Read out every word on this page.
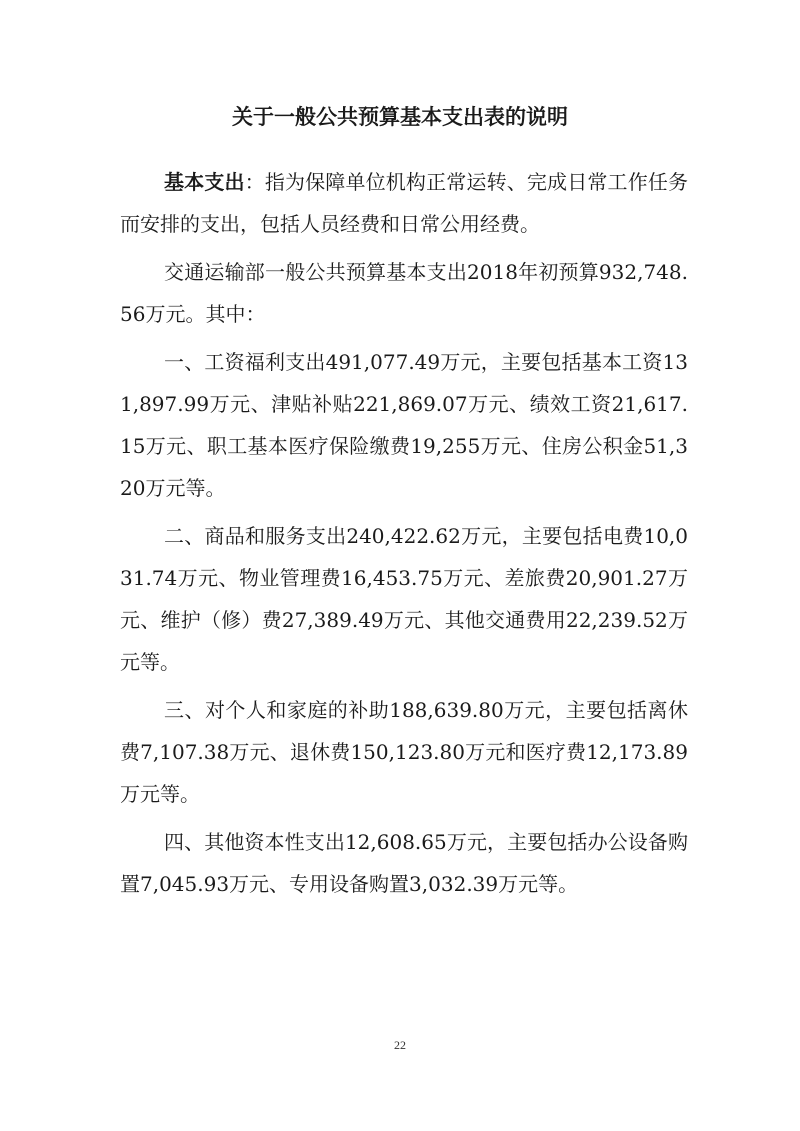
关于一般公共预算基本支出表的说明

基本支出：指为保障单位机构正常运转、完成日常工作任务而安排的支出，包括人员经费和日常公用经费。

交通运输部一般公共预算基本支出2018年初预算932,748.56万元。其中：

一、工资福利支出491,077.49万元，主要包括基本工资131,897.99万元、津贴补贴221,869.07万元、绩效工资21,617.15万元、职工基本医疗保险缴费19,255万元、住房公积金51,320万元等。

二、商品和服务支出240,422.62万元，主要包括电费10,031.74万元、物业管理费16,453.75万元、差旅费20,901.27万元、维护（修）费27,389.49万元、其他交通费用22,239.52万元等。

三、对个人和家庭的补助188,639.80万元，主要包括离休费7,107.38万元、退休费150,123.80万元和医疗费12,173.89万元等。

四、其他资本性支出12,608.65万元，主要包括办公设备购置7,045.93万元、专用设备购置3,032.39万元等。

22
